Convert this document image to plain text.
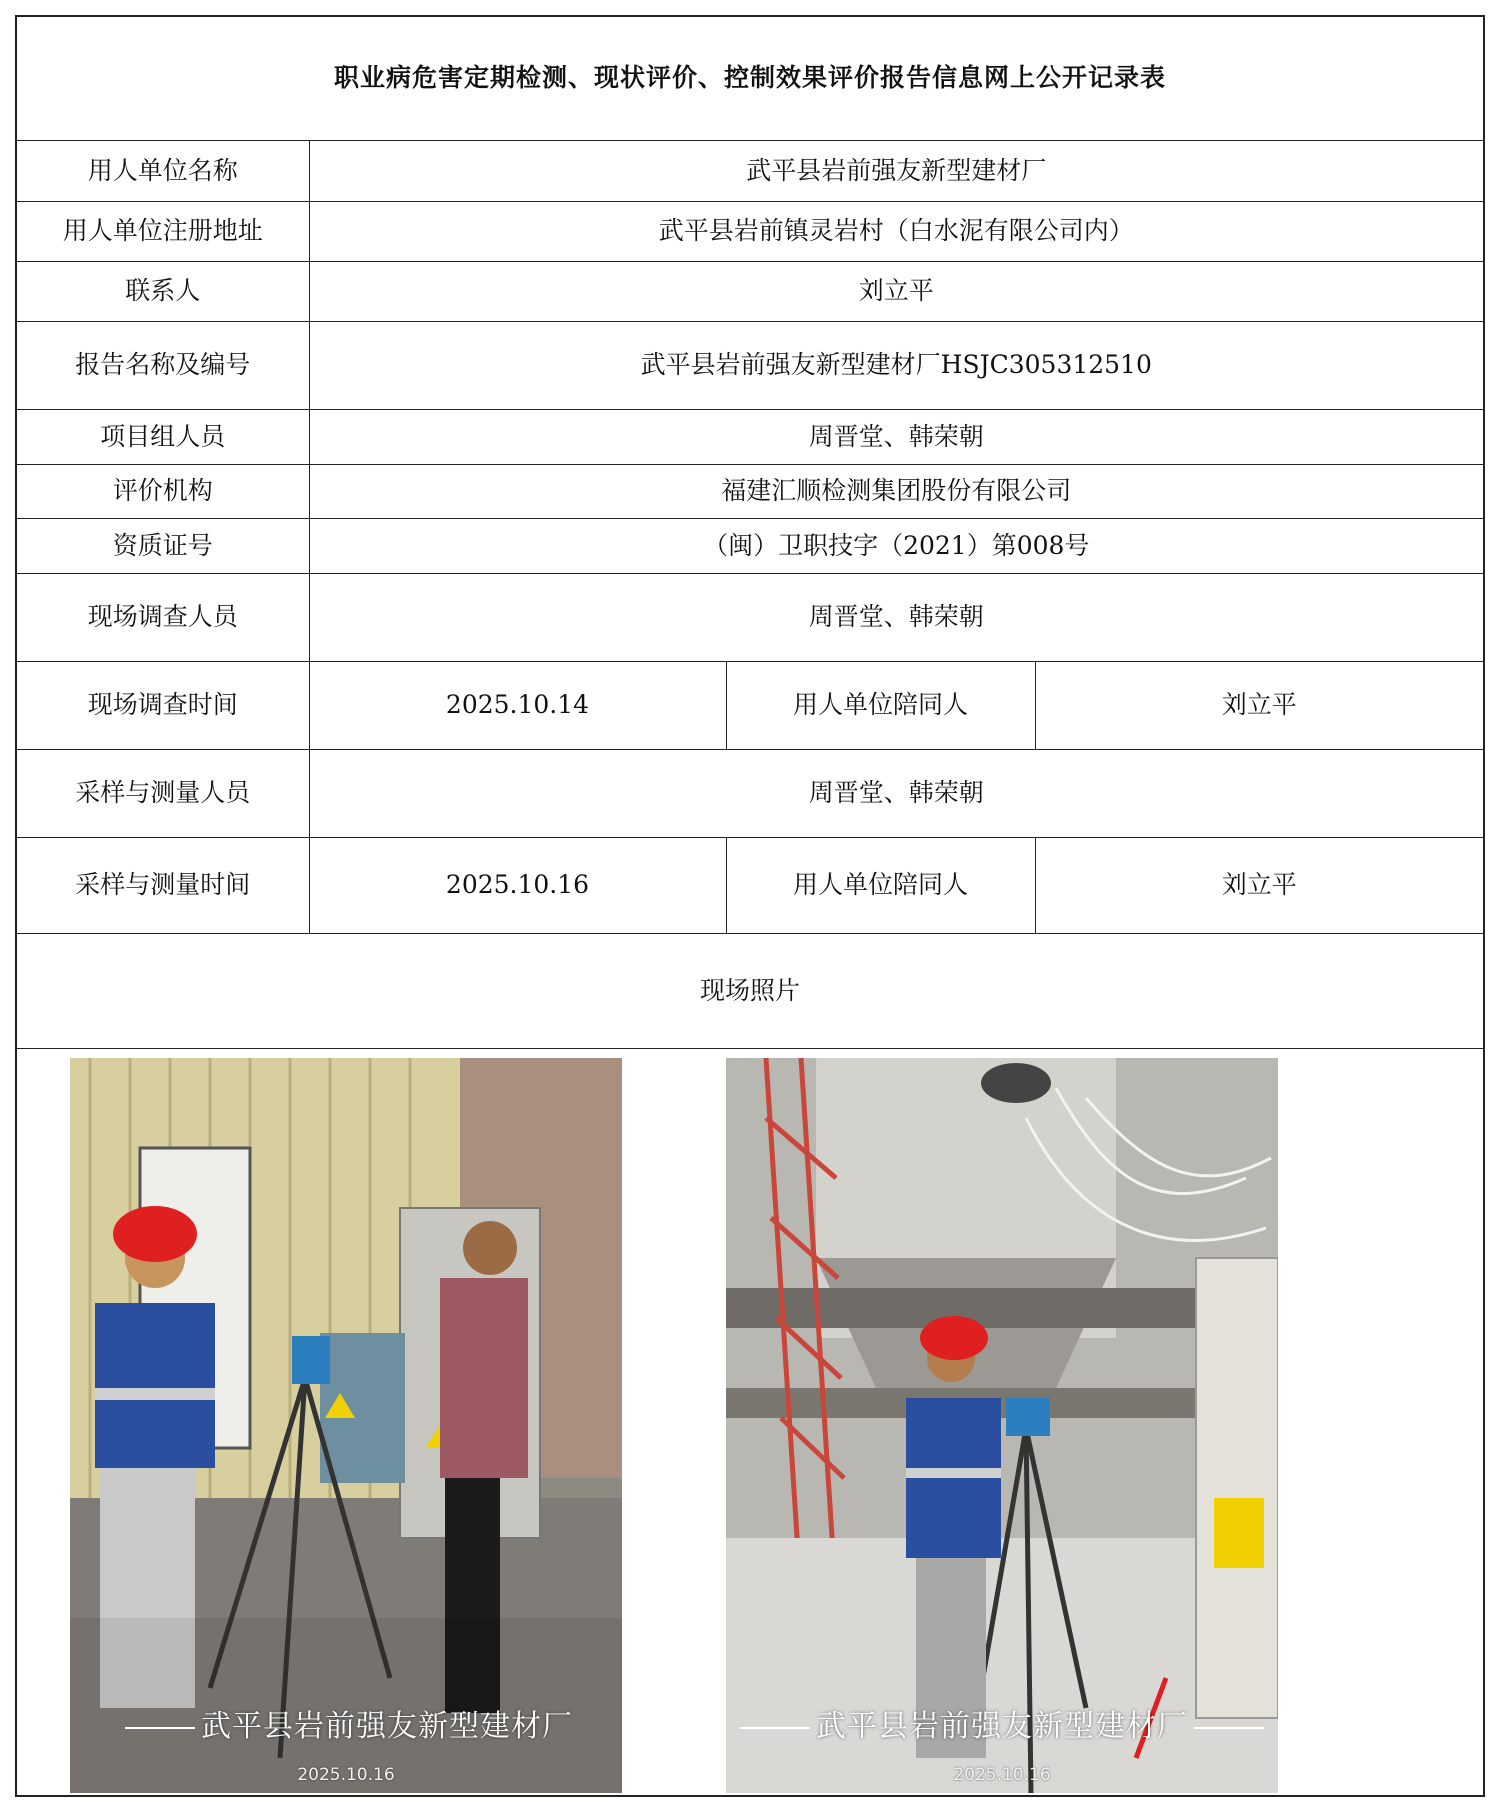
职业病危害定期检测、现状评价、控制效果评价报告信息网上公开记录表			
用人单位名称	武平县岩前强友新型建材厂		
用人单位注册地址	武平县岩前镇灵岩村（白水泥有限公司内）		
联系人	刘立平		
报告名称及编号	武平县岩前强友新型建材厂HSJC305312510		
项目组人员	周晋堂、韩荣朝		
评价机构	福建汇顺检测集团股份有限公司		
资质证号	（闽）卫职技字（2021）第008号		
现场调查人员	周晋堂、韩荣朝		
现场调查时间	2025.10.14	用人单位陪同人	刘立平
采样与测量人员	周晋堂、韩荣朝		
采样与测量时间	2025.10.16	用人单位陪同人	刘立平
现场照片			
武平县岩前强友新型建材厂
2025.10.16
武平县岩前强友新型建材厂
2025.10.16
